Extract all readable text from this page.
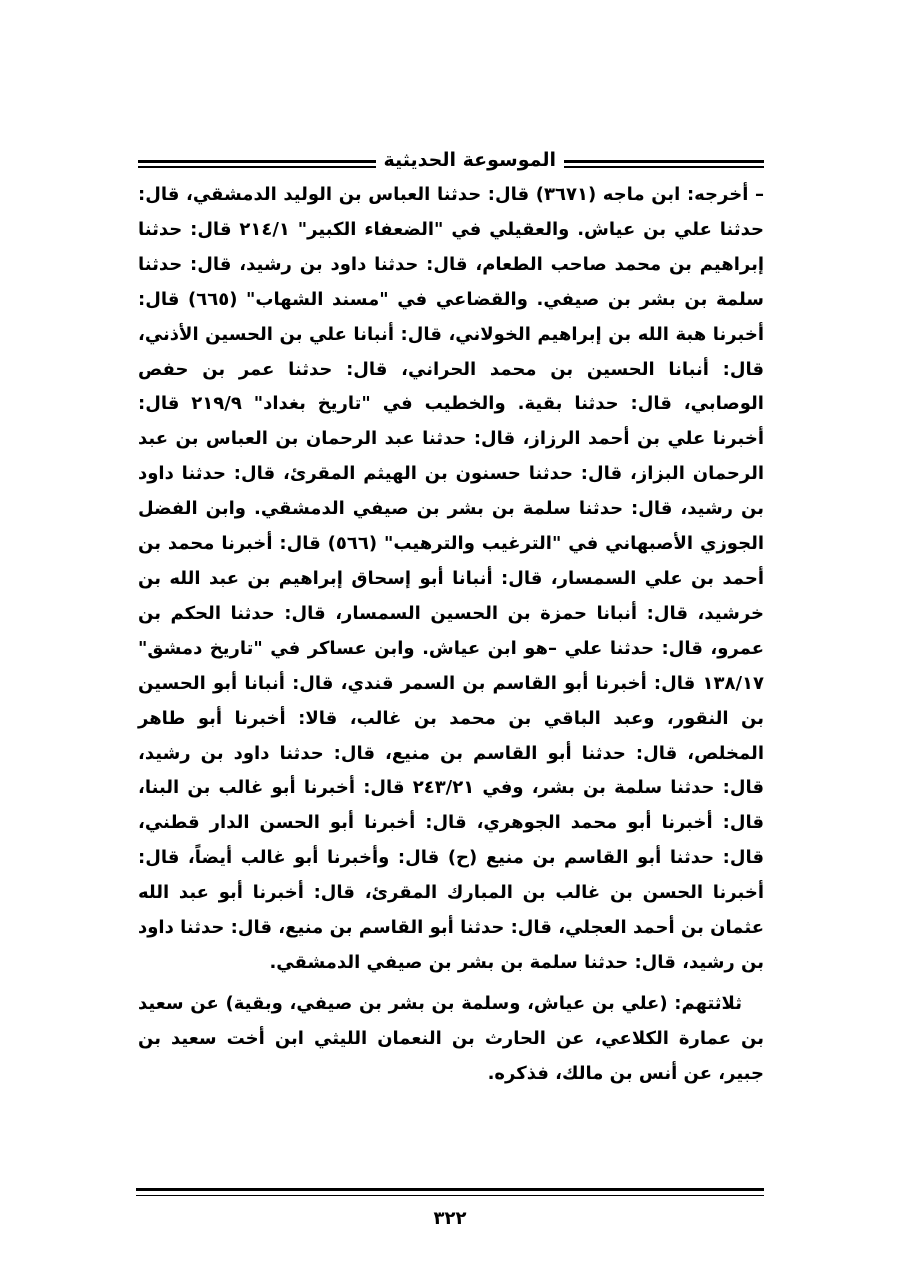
الموسوعة الحديثية

– أخرجه: ابن ماجه (٣٦٧١) قال: حدثنا العباس بن الوليد الدمشقي، قال: حدثنا علي بن عياش. والعقيلي في "الضعفاء الكبير" ٢١٤/١ قال: حدثنا إبراهيم بن محمد صاحب الطعام، قال: حدثنا داود بن رشيد، قال: حدثنا سلمة بن بشر بن صيفي. والقضاعي في "مسند الشهاب" (٦٦٥) قال: أخبرنا هبة الله بن إبراهيم الخولاني، قال: أنبانا علي بن الحسين الأذني، قال: أنبانا الحسين بن محمد الحراني، قال: حدثنا عمر بن حفص الوصابي، قال: حدثنا بقية. والخطيب في "تاريخ بغداد" ٢١٩/٩ قال: أخبرنا علي بن أحمد الرزاز، قال: حدثنا عبد الرحمان بن العباس بن عبد الرحمان البزاز، قال: حدثنا حسنون بن الهيثم المقرئ، قال: حدثنا داود بن رشيد، قال: حدثنا سلمة بن بشر بن صيفي الدمشقي. وابن الفضل الجوزي الأصبهاني في "الترغيب والترهيب" (٥٦٦) قال: أخبرنا محمد بن أحمد بن علي السمسار، قال: أنبانا أبو إسحاق إبراهيم بن عبد الله بن خرشيد، قال: أنبانا حمزة بن الحسين السمسار، قال: حدثنا الحكم بن عمرو، قال: حدثنا علي –هو ابن عياش. وابن عساكر في "تاريخ دمشق" ١٣٨/١٧ قال: أخبرنا أبو القاسم بن السمر قندي، قال: أنبانا أبو الحسين بن النقور، وعبد الباقي بن محمد بن غالب، قالا: أخبرنا أبو طاهر المخلص، قال: حدثنا أبو القاسم بن منيع، قال: حدثنا داود بن رشيد، قال: حدثنا سلمة بن بشر، وفي ٢٤٣/٢١ قال: أخبرنا أبو غالب بن البنا، قال: أخبرنا أبو محمد الجوهري، قال: أخبرنا أبو الحسن الدار قطني، قال: حدثنا أبو القاسم بن منيع (ح) قال: وأخبرنا أبو غالب أيضاً، قال: أخبرنا الحسن بن غالب بن المبارك المقرئ، قال: أخبرنا أبو عبد الله عثمان بن أحمد العجلي، قال: حدثنا أبو القاسم بن منيع، قال: حدثنا داود بن رشيد، قال: حدثنا سلمة بن بشر بن صيفي الدمشقي.

ثلاثتهم: (علي بن عياش، وسلمة بن بشر بن صيفي، وبقية) عن سعيد بن عمارة الكلاعي، عن الحارث بن النعمان الليثي ابن أخت سعيد بن جبير، عن أنس بن مالك، فذكره.

٣٢٢
